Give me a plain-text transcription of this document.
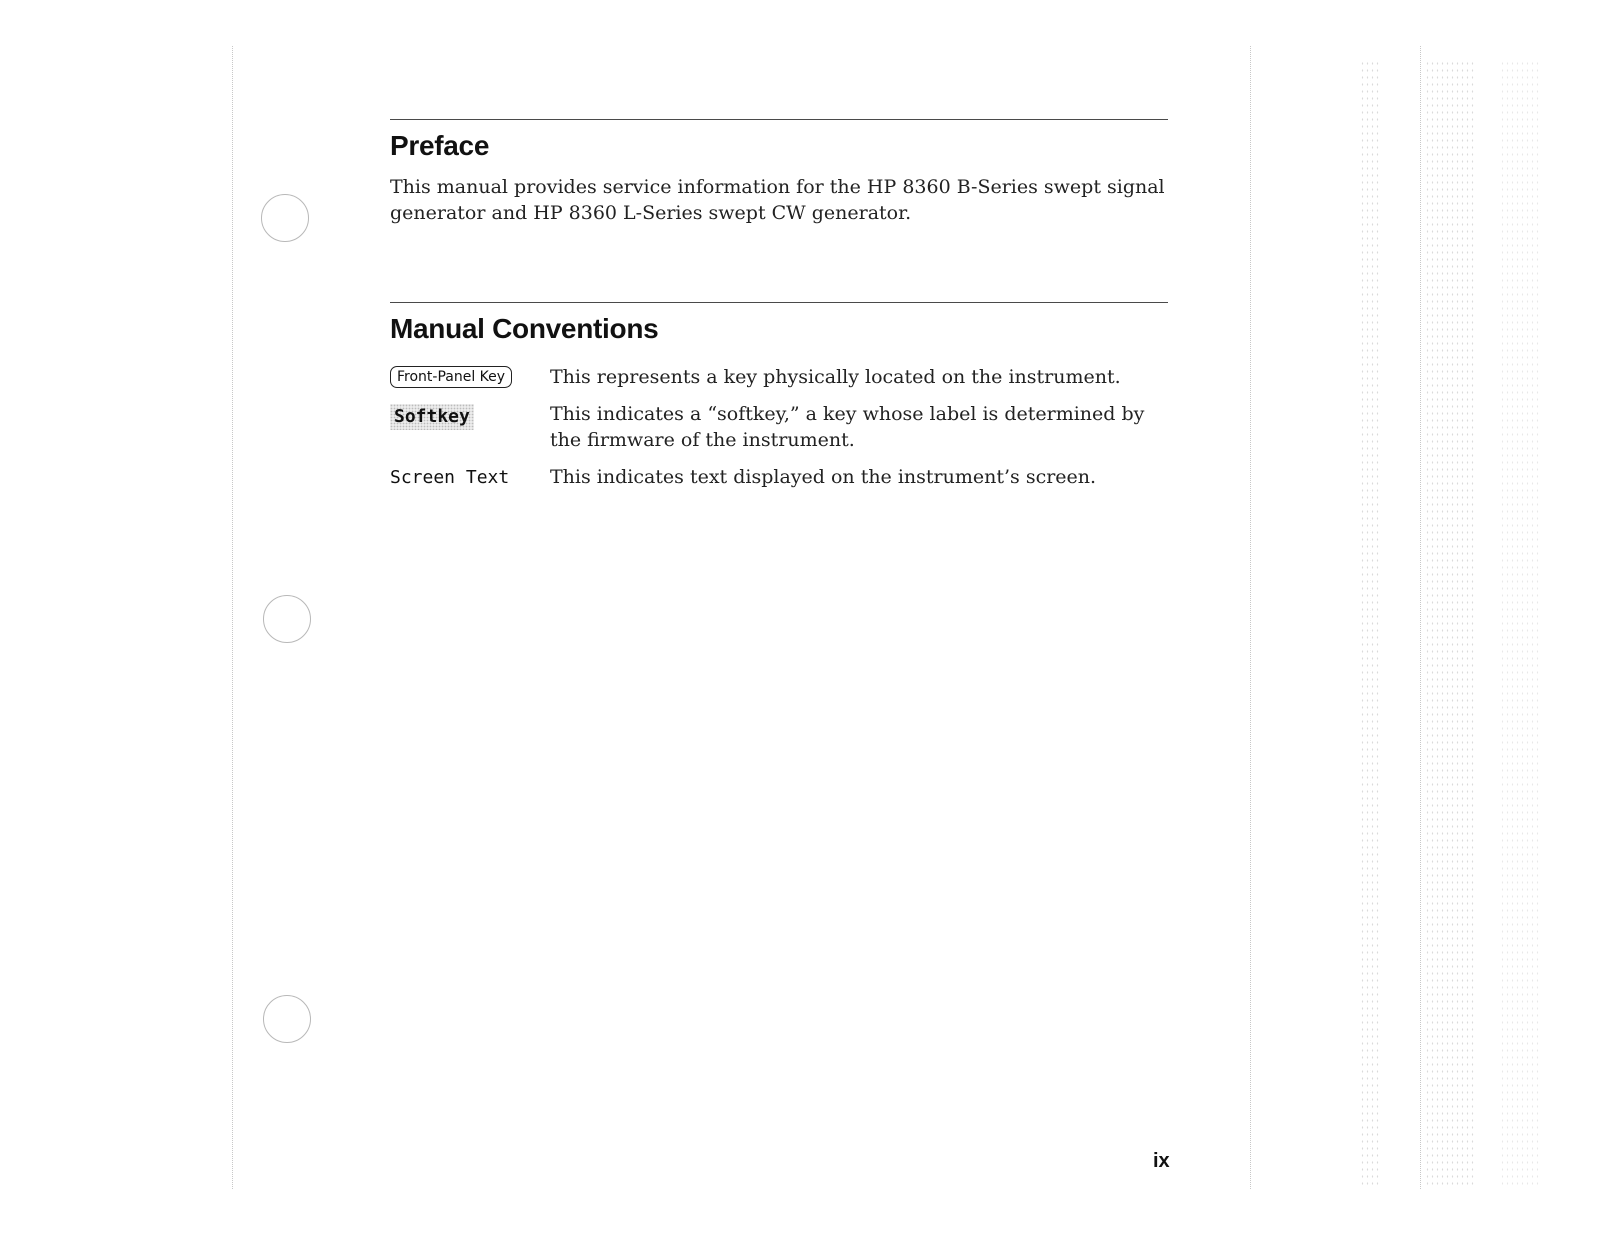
Preface

This manual provides service information for the HP 8360 B-Series swept signal generator and HP 8360 L-Series swept CW generator.

Manual Conventions
Front-Panel Key	This represents a key physically located on the instrument.

Softkey	This indicates a “softkey,” a key whose label is determined by the firmware of the instrument.

Screen Text This indicates text displayed on the instrument’s screen.

ix
